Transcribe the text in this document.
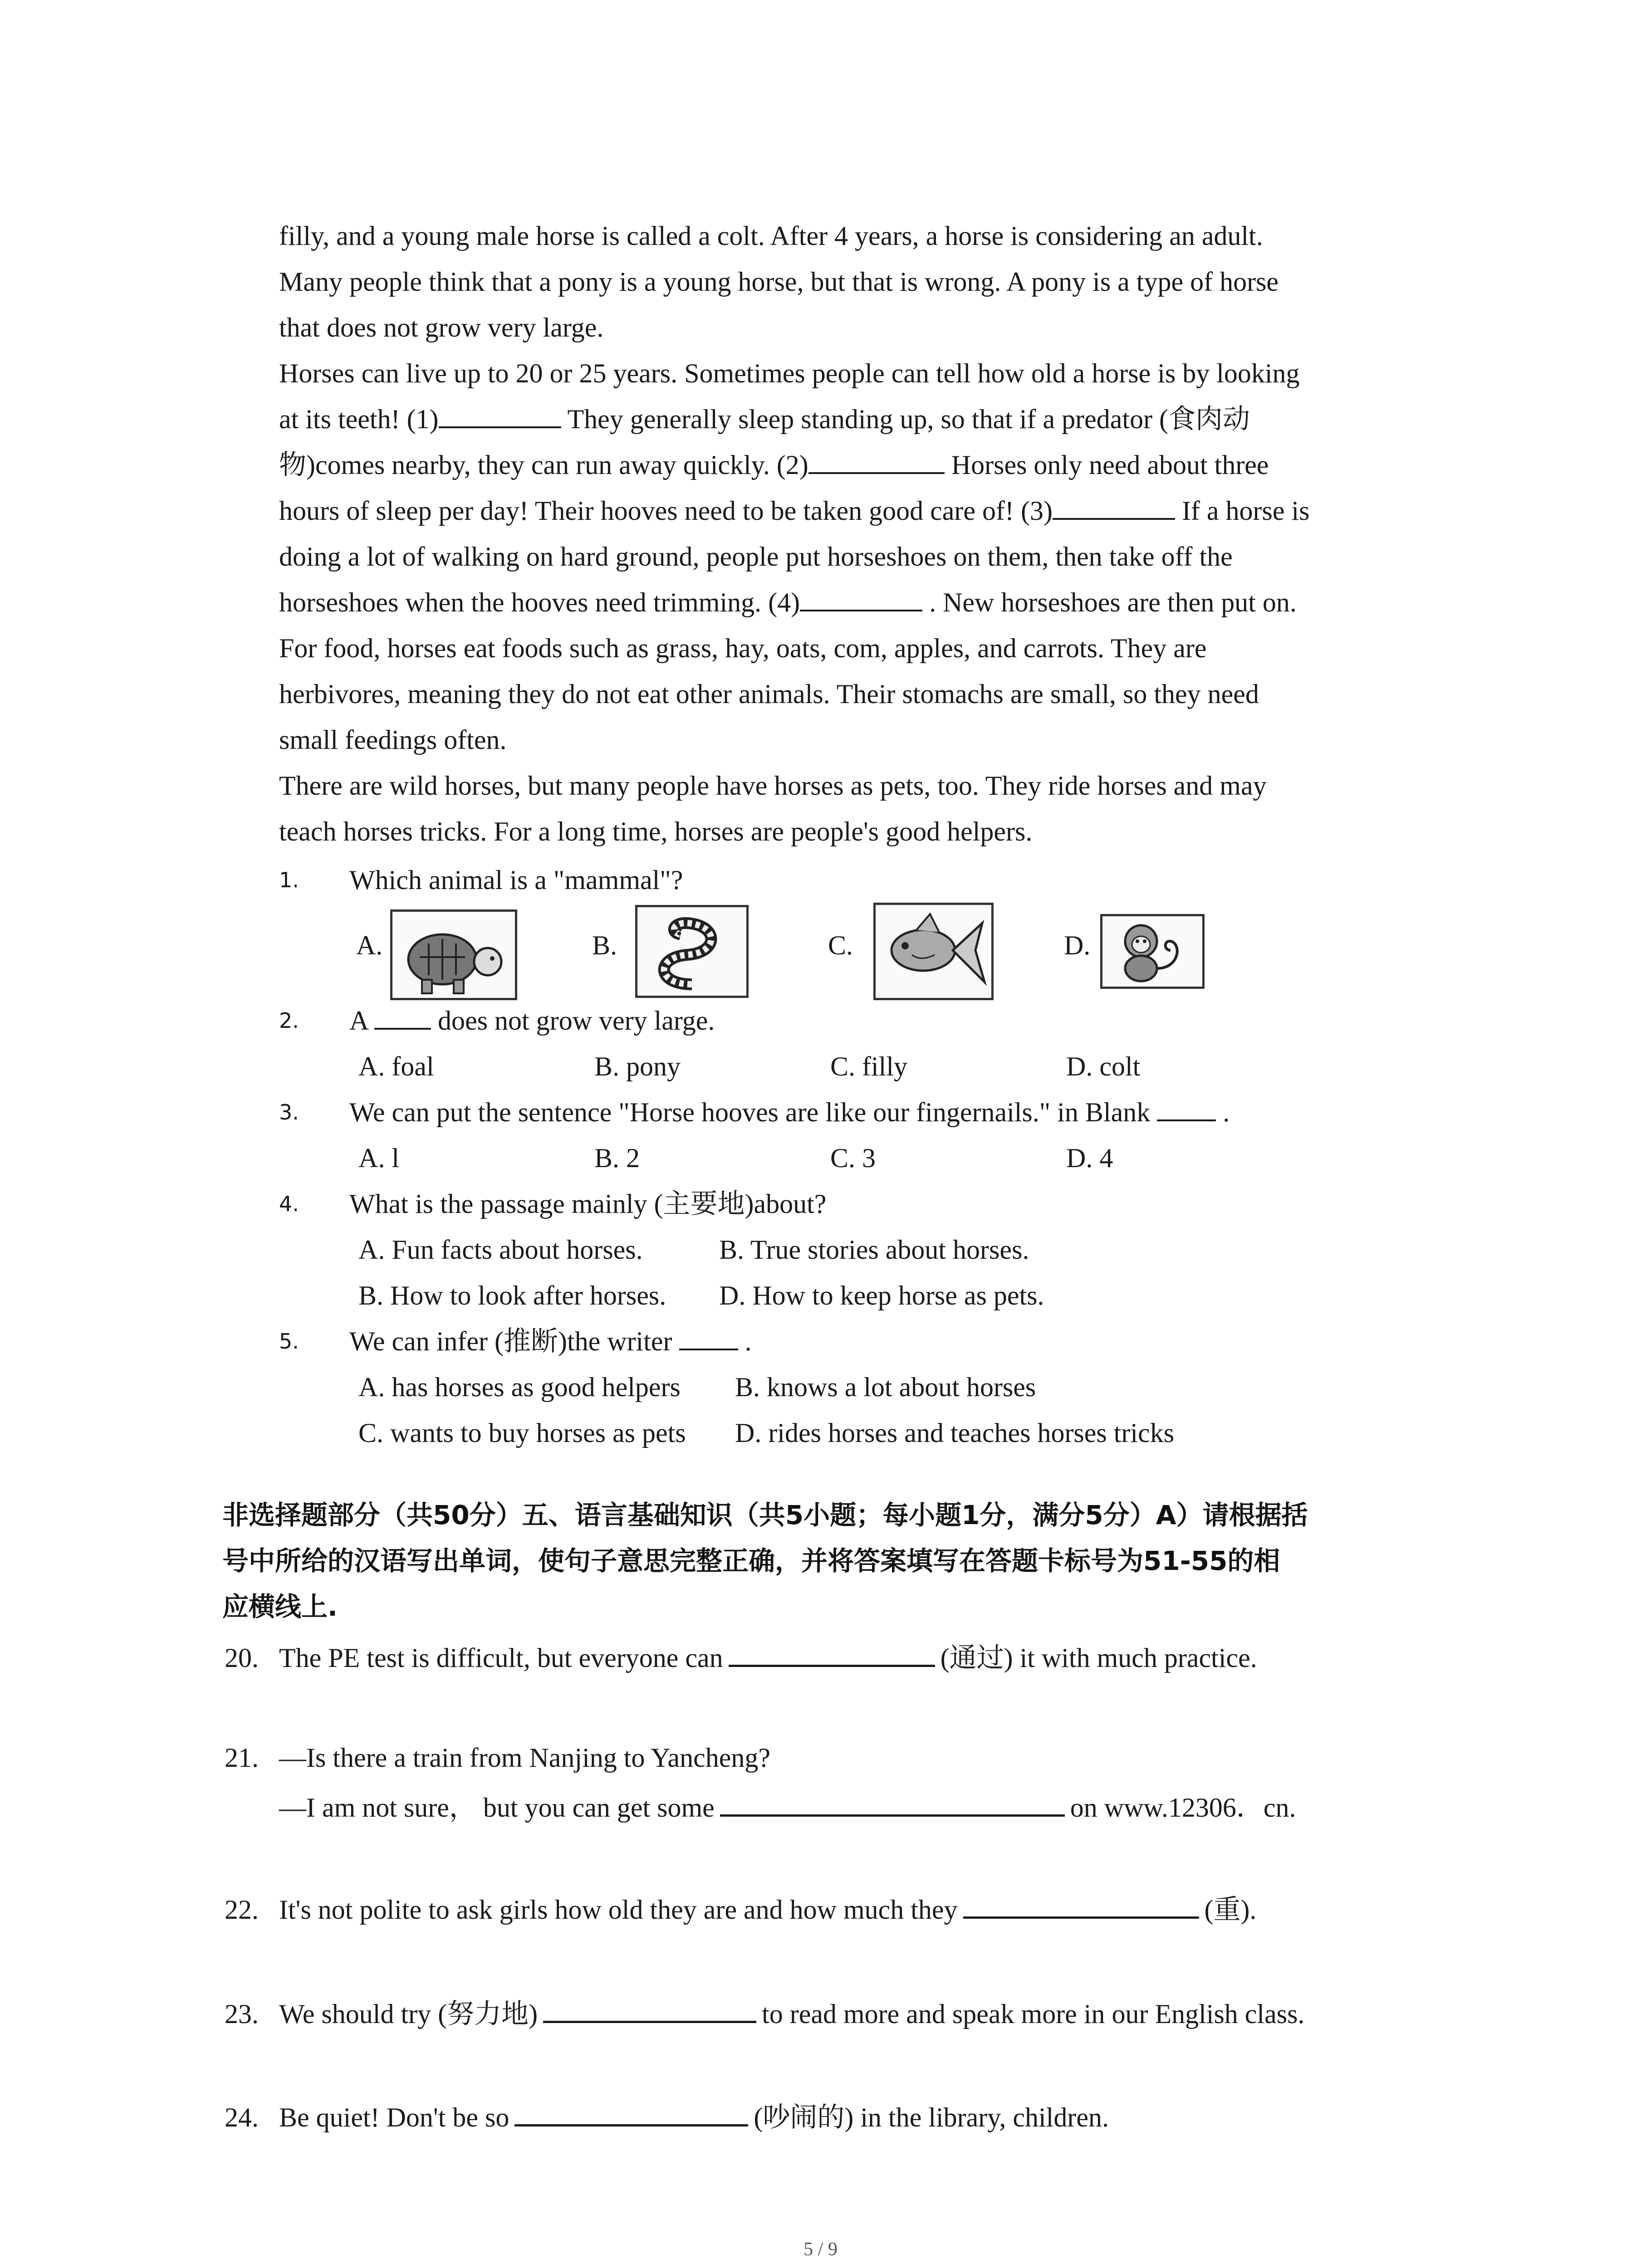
filly, and a young male horse is called a colt. After 4 years, a horse is considering an adult.

Many people think that a pony is a young horse, but that is wrong. A pony is a type of horse

that does not grow very large.

Horses can live up to 20 or 25 years. Sometimes people can tell how old a horse is by looking

at its teeth! (1)	They generally sleep standing up, so that if a predator (食肉动

物)comes nearby, they can run away quickly. (2)	Horses only need about three

hours of sleep per day! Their hooves need to be taken good care of! (3)	If a horse is

doing a lot of walking on hard ground, people put horseshoes on them, then take off the

horseshoes when the hooves need trimming. (4)	. New horseshoes are then put on.

For food, horses eat foods such as grass, hay, oats, com, apples, and carrots. They are

herbivores, meaning they do not eat other animals. Their stomachs are small, so they need

small feedings often.

There are wild horses, but many people have horses as pets, too. They ride horses and may

teach horses tricks. For a long time, horses are people's good helpers.

1.	Which animal is a "mammal"?
A.	B.	C.	D.
2.	A  does not grow very large.
A. foal	B. pony	C. filly	D. colt
3.	We can put the sentence "Horse hooves are like our fingernails." in Blank  .
A. l	B. 2	C. 3	D. 4
4.	What is the passage mainly (主要地)about?
A. Fun facts about horses.	B. True stories about horses.
B. How to look after horses. D. How to keep horse as pets.
5.	We can infer (推断)the writer  .
A. has horses as good helpers B. knows a lot about horses
C. wants to buy horses as pets D. rides horses and teaches horses tricks
非选择题部分（共50分）五、语言基础知识（共5小题；每小题1分，满分5分）A）请根据括
号中所给的汉语写出单词，使句子意思完整正确，并将答案填写在答题卡标号为51-55的相
应横线上.
20. The PE test is difficult, but everyone can	(通过) it with much practice.
21. —Is there a train from Nanjing to Yancheng?
—I am not sure， but you can get some	on www.12306．cn.
22. It's not polite to ask girls how old they are and how much they	(重).
23. We should try (努力地)	to read more and speak more in our English class.
24. Be quiet! Don't be so	(吵闹的) in the library, children.
5 / 9
